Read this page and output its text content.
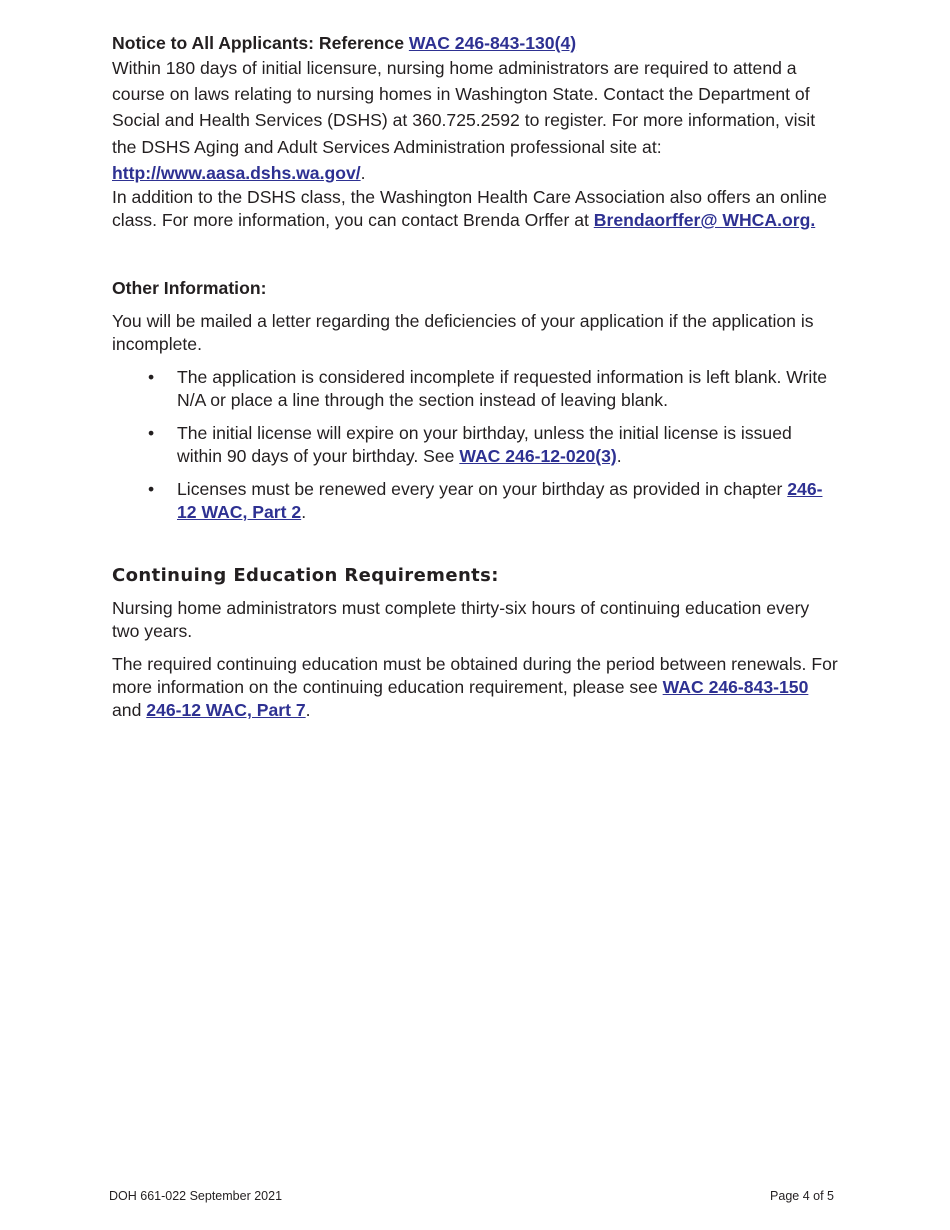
Notice to All Applicants: Reference WAC 246-843-130(4)

Within 180 days of initial licensure, nursing home administrators are required to attend a course on laws relating to nursing homes in Washington State. Contact the Department of Social and Health Services (DSHS) at 360.725.2592 to register. For more information, visit the DSHS Aging and Adult Services Administration professional site at: http://www.aasa.dshs.wa.gov/.

In addition to the DSHS class, the Washington Health Care Association also offers an online class. For more information, you can contact Brenda Orffer at Brendaorffer@ WHCA.org.

Other Information:

You will be mailed a letter regarding the deficiencies of your application if the application is incomplete.

• The application is considered incomplete if requested information is left blank. Write N/A or place a line through the section instead of leaving blank.
• The initial license will expire on your birthday, unless the initial license is issued within 90 days of your birthday. See WAC 246-12-020(3).
• Licenses must be renewed every year on your birthday as provided in chapter 246-12 WAC, Part 2.

Continuing Education Requirements:

Nursing home administrators must complete thirty-six hours of continuing education every two years.

The required continuing education must be obtained during the period between renewals. For more information on the continuing education requirement, please see WAC 246-843-150 and 246-12 WAC, Part 7.

DOH 661-022 September 2021	Page 4 of 5
